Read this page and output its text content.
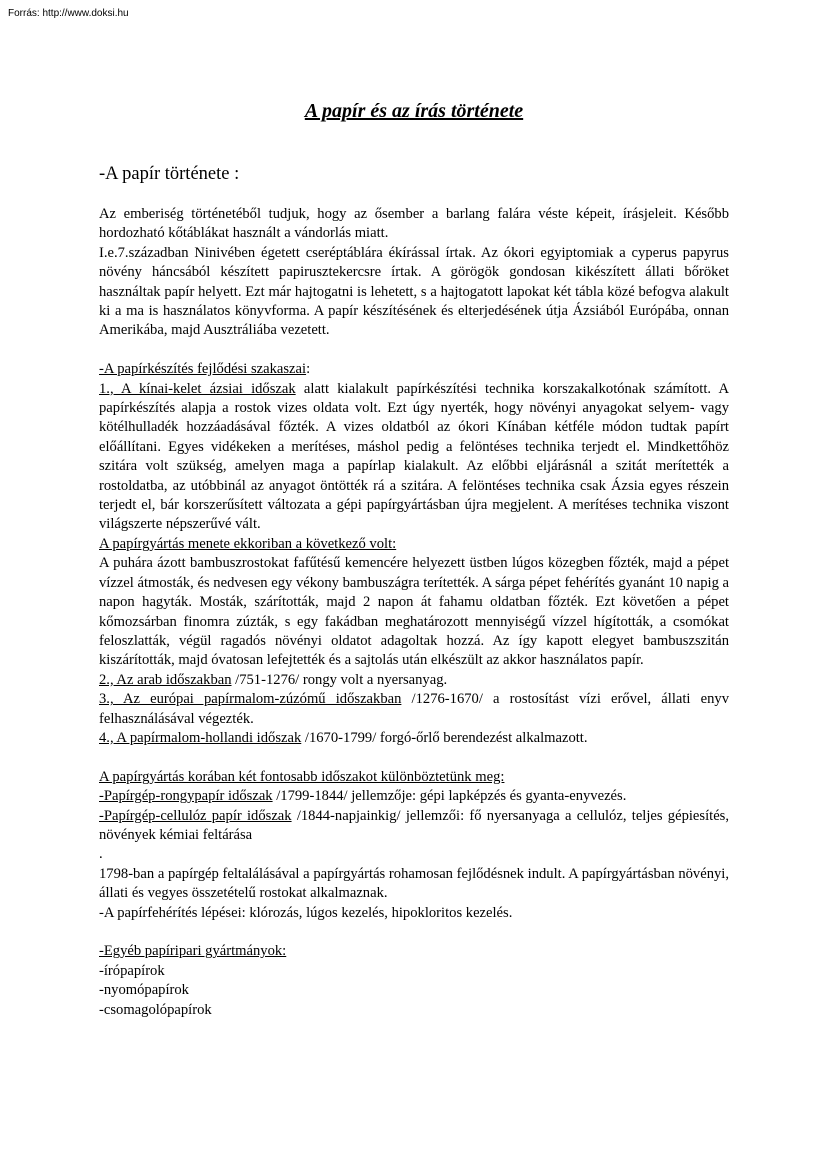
Forrás: http://www.doksi.hu
A papír és az írás története
-A papír története :

Az emberiség történetéből tudjuk, hogy az ősember a barlang falára véste képeit, írásjeleit. Később hordozható kőtáblákat használt a vándorlás miatt.

I.e.7.században Ninivében égetett cseréptáblára ékírással írtak. Az ókori egyiptomiak a cyperus papyrus növény háncsából készített papirusztekercsre írtak. A görögök gondosan kikészített állati bőröket használtak papír helyett. Ezt már hajtogatni is lehetett, s a hajtogatott lapokat két tábla közé befogva alakult ki a ma is használatos könyvforma. A papír készítésének és elterjedésének útja Ázsiából Európába, onnan Amerikába, majd Ausztráliába vezetett.

-A papírkészítés fejlődési szakaszai:

1., A kínai-kelet ázsiai időszak alatt kialakult papírkészítési technika korszakalkotónak számított. A papírkészítés alapja a rostok vizes oldata volt. Ezt úgy nyerték, hogy növényi anyagokat selyem- vagy kötélhulladék hozzáadásával főzték. A vizes oldatból az ókori Kínában kétféle módon tudtak papírt előállítani. Egyes vidékeken a merítéses, máshol pedig a felöntéses technika terjedt el. Mindkettőhöz szitára volt szükség, amelyen maga a papírlap kialakult. Az előbbi eljárásnál a szitát merítették a rostoldatba, az utóbbinál az anyagot öntötték rá a szitára. A felöntéses technika csak Ázsia egyes részein terjedt el, bár korszerűsített változata a gépi papírgyártásban újra megjelent. A merítéses technika viszont világszerte népszerűvé vált.

A papírgyártás menete ekkoriban a következő volt:

A puhára ázott bambuszrostokat fafűtésű kemencére helyezett üstben lúgos közegben főzték, majd a pépet vízzel átmosták, és nedvesen egy vékony bambuszágra terítették. A sárga pépet fehérítés gyanánt 10 napig a napon hagyták. Mosták, szárították, majd 2 napon át fahamu oldatban főzték. Ezt követően a pépet kőmozsárban finomra zúzták, s egy fakádban meghatározott mennyiségű vízzel hígították, a csomókat feloszlatták, végül ragadós növényi oldatot adagoltak hozzá. Az így kapott elegyet bambuszszitán kiszárították, majd óvatosan lefejtették és a sajtolás után elkészült az akkor használatos papír.

2., Az arab időszakban /751-1276/ rongy volt a nyersanyag.

3., Az európai papírmalom-zúzómű időszakban /1276-1670/ a rostosítást vízi erővel, állati enyv felhasználásával végezték.

4., A papírmalom-hollandi időszak /1670-1799/ forgó-őrlő berendezést alkalmazott.

A papírgyártás korában két fontosabb időszakot különböztetünk meg:

-Papírgép-rongypapír időszak /1799-1844/ jellemzője: gépi lapképzés és gyanta-enyvezés.

-Papírgép-cellulóz papír időszak /1844-napjainkig/ jellemzői: fő nyersanyaga a cellulóz, teljes gépiesítés, növények kémiai feltárása

.

1798-ban a papírgép feltalálásával a papírgyártás rohamosan fejlődésnek indult. A papírgyártásban növényi, állati és vegyes összetételű rostokat alkalmaznak.

-A papírfehérítés lépései: klórozás, lúgos kezelés, hipokloritos kezelés.

-Egyéb papíripari gyártmányok:

-írópapírok

-nyomópapírok

-csomagolópapírok
